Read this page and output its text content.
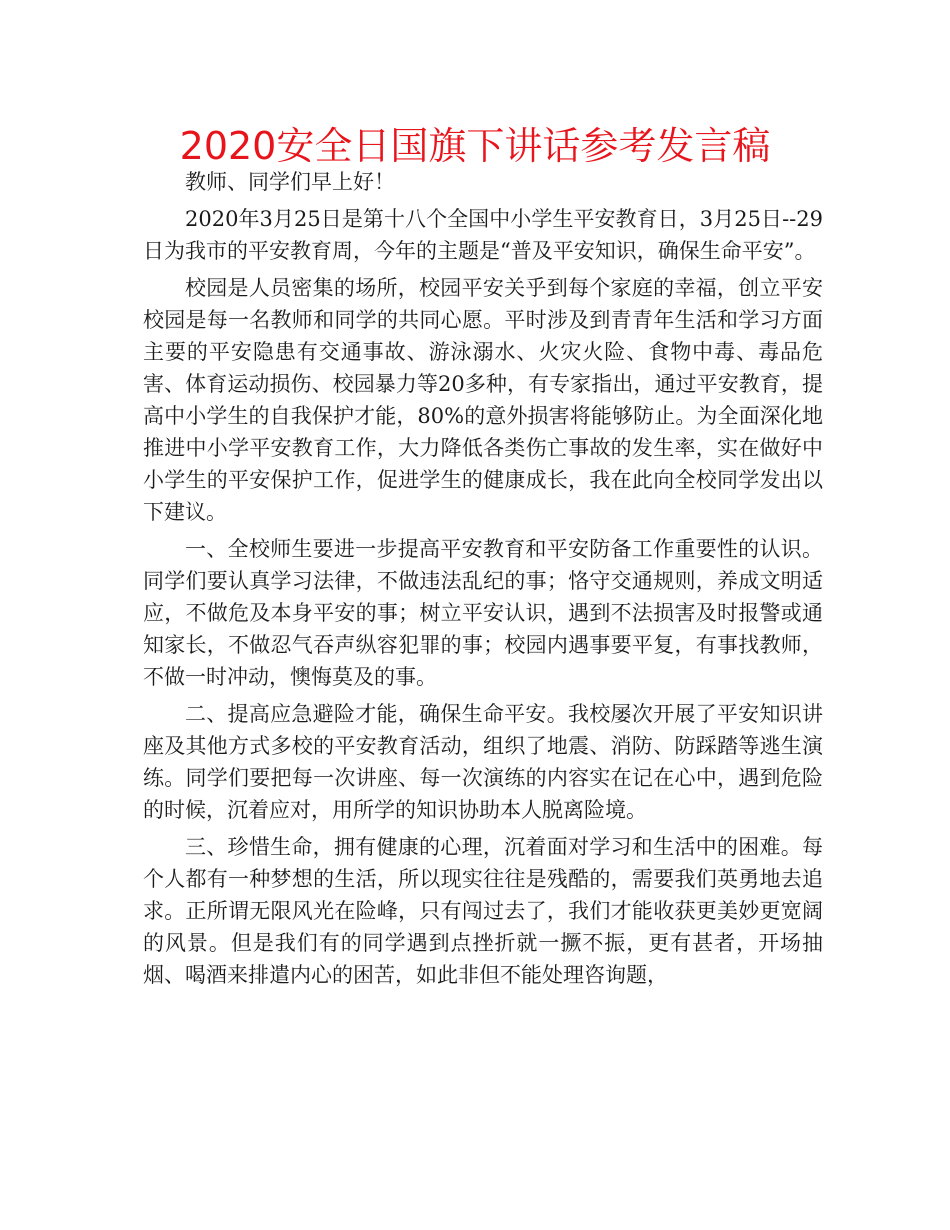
2020安全日国旗下讲话参考发言稿

教师、同学们早上好！

2020年3月25日是第十八个全国中小学生平安教育日，3月25日--29日为我市的平安教育周，今年的主题是“普及平安知识，确保生命平安”。

校园是人员密集的场所，校园平安关乎到每个家庭的幸福，创立平安校园是每一名教师和同学的共同心愿。平时涉及到青青年生活和学习方面主要的平安隐患有交通事故、游泳溺水、火灾火险、食物中毒、毒品危害、体育运动损伤、校园暴力等20多种，有专家指出，通过平安教育，提高中小学生的自我保护才能，80%的意外损害将能够防止。为全面深化地推进中小学平安教育工作，大力降低各类伤亡事故的发生率，实在做好中小学生的平安保护工作，促进学生的健康成长，我在此向全校同学发出以下建议。

一、全校师生要进一步提高平安教育和平安防备工作重要性的认识。同学们要认真学习法律，不做违法乱纪的事；恪守交通规则，养成文明适应，不做危及本身平安的事；树立平安认识，遇到不法损害及时报警或通知家长，不做忍气吞声纵容犯罪的事；校园内遇事要平复，有事找教师，不做一时冲动，懊悔莫及的事。

二、提高应急避险才能，确保生命平安。我校屡次开展了平安知识讲座及其他方式多校的平安教育活动，组织了地震、消防、防踩踏等逃生演练。同学们要把每一次讲座、每一次演练的内容实在记在心中，遇到危险的时候，沉着应对，用所学的知识协助本人脱离险境。

三、珍惜生命，拥有健康的心理，沉着面对学习和生活中的困难。每个人都有一种梦想的生活，所以现实往往是残酷的，需要我们英勇地去追求。正所谓无限风光在险峰，只有闯过去了，我们才能收获更美妙更宽阔的风景。但是我们有的同学遇到点挫折就一撅不振，更有甚者，开场抽烟、喝酒来排遣内心的困苦，如此非但不能处理咨询题，
